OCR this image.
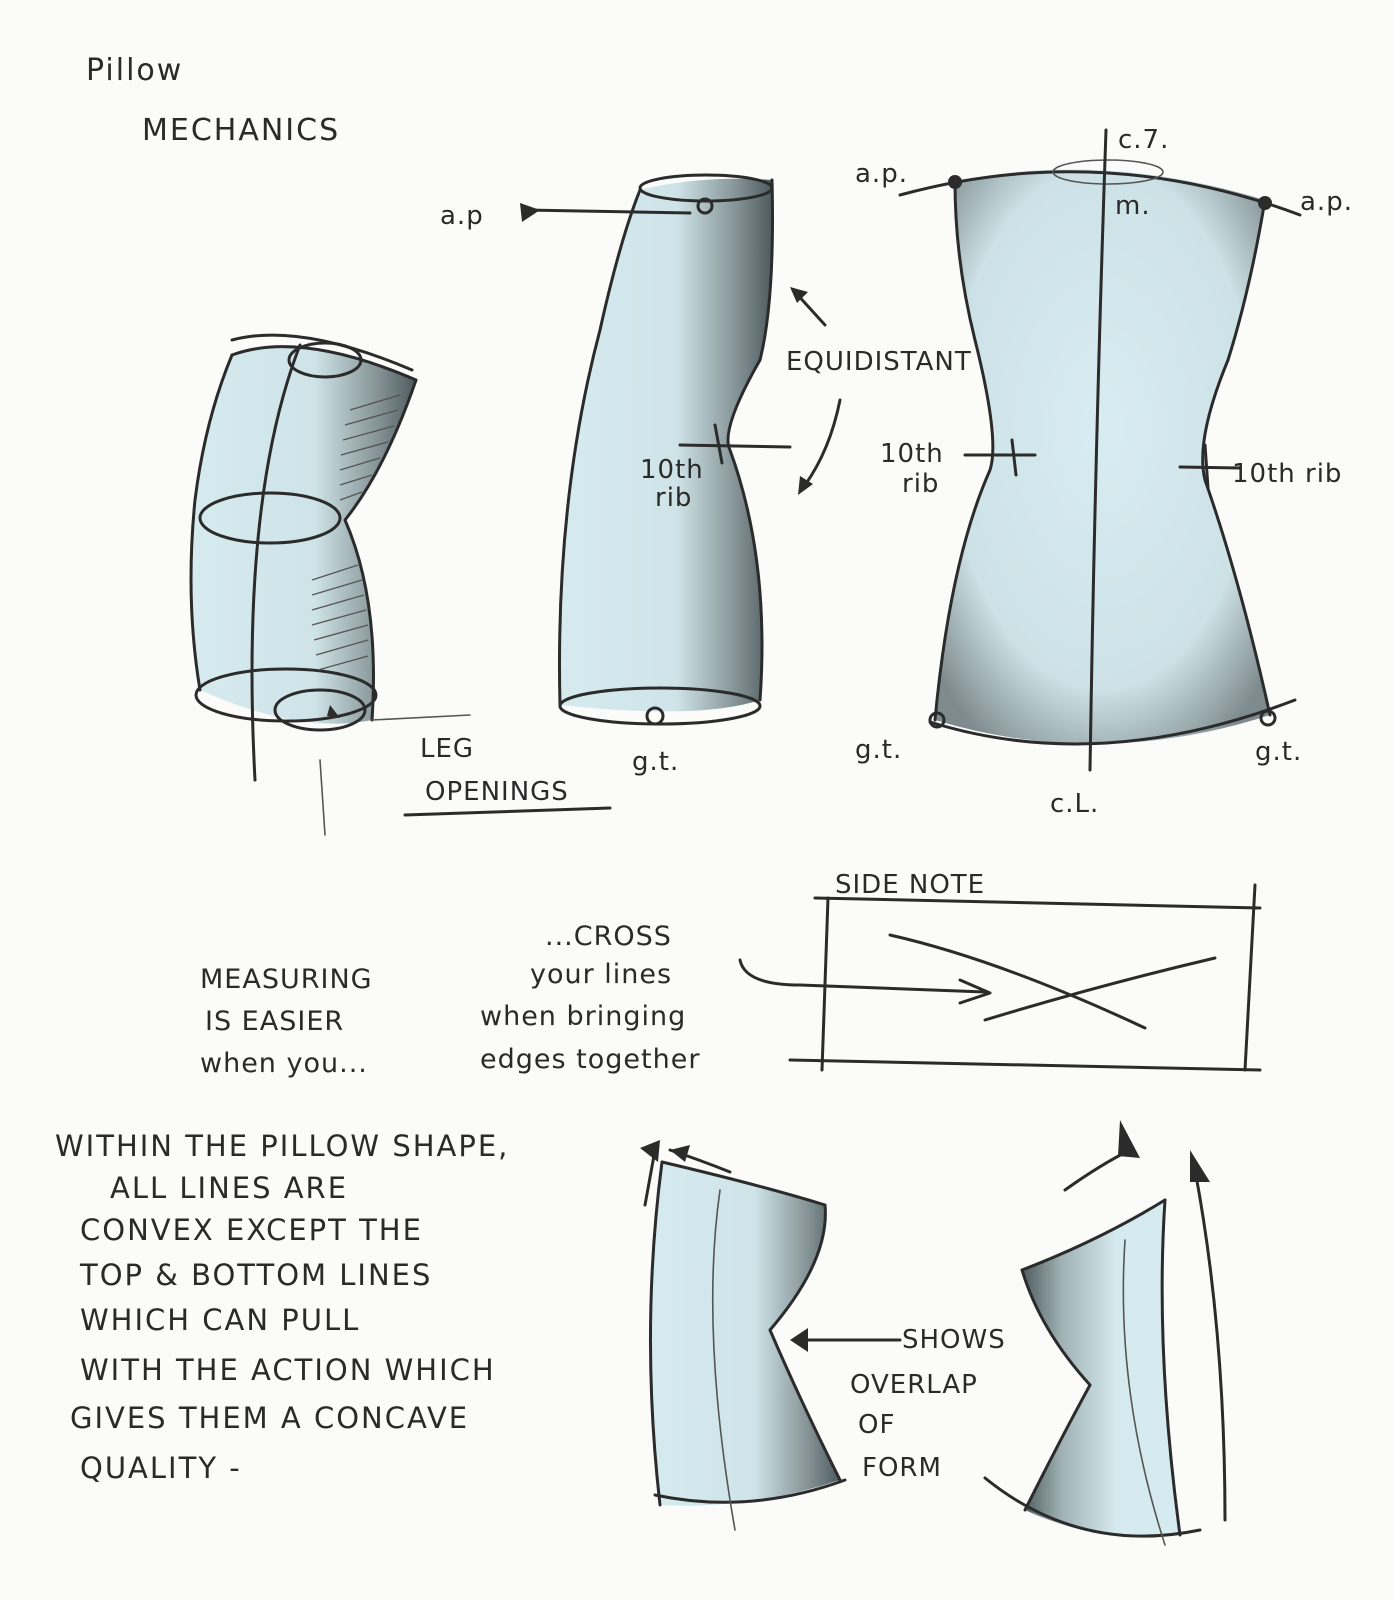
Pillow
MECHANICS
LEG
OPENINGS
a.p
10th
rib
g.t.
EQUIDISTANT
a.p.
a.p.
c.7.
m.
10th
rib	10th rib
g.t.	g.t.
c.L.
MEASURING
IS EASIER
when you...
...CROSS
your lines
when bringing
edges together
SIDE NOTE
WITHIN THE PILLOW SHAPE,
ALL LINES ARE
CONVEX EXCEPT THE
TOP & BOTTOM LINES
WHICH CAN PULL
WITH THE ACTION WHICH
GIVES THEM A CONCAVE
QUALITY -
SHOWS
OVERLAP
OF
FORM
